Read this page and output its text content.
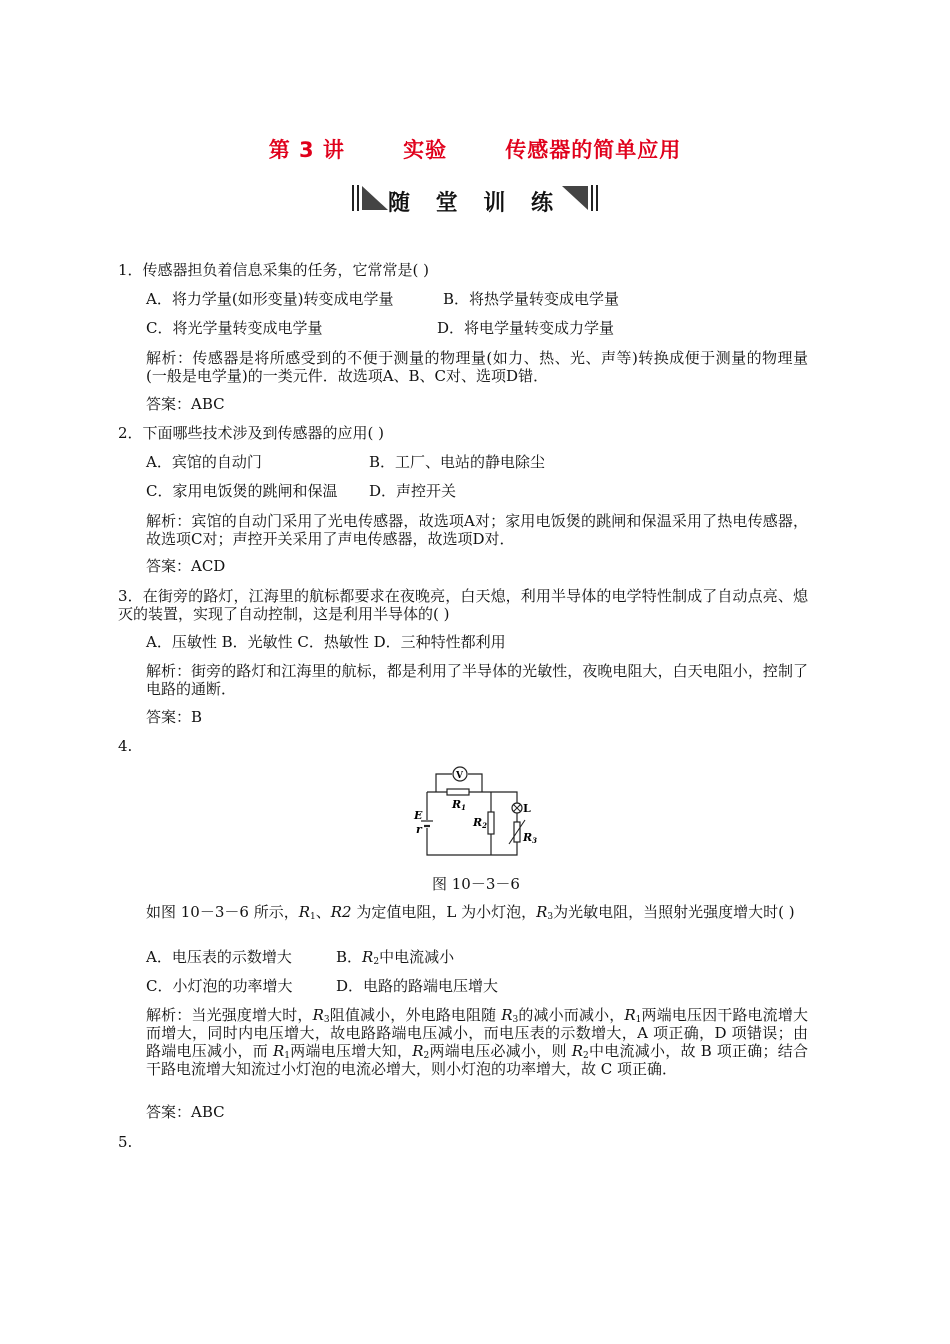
第 3 讲       实验       传感器的简单应用
随 堂 训 练
1．传感器担负着信息采集的任务，它常常是( )
A．将力学量(如形变量)转变成电学量	B．将热学量转变成电学量
C．将光学量转变成电学量	D．将电学量转变成力学量
解析：传感器是将所感受到的不便于测量的物理量(如力、热、光、声等)转换成便于测量的物理量(一般是电学量)的一类元件．故选项A、B、C对、选项D错．
答案：ABC
2．下面哪些技术涉及到传感器的应用( )
A．宾馆的自动门	B．工厂、电站的静电除尘
C．家用电饭煲的跳闸和保温 D．声控开关
解析：宾馆的自动门采用了光电传感器，故选项A对；家用电饭煲的跳闸和保温采用了热电传感器，故选项C对；声控开关采用了声电传感器，故选项D对．
答案：ACD
3．在街旁的路灯，江海里的航标都要求在夜晚亮，白天熄，利用半导体的电学特性制成了自动点亮、熄灭的装置，实现了自动控制，这是利用半导体的( )
A．压敏性 B．光敏性 C．热敏性 D．三种特性都利用
解析：街旁的路灯和江海里的航标，都是利用了半导体的光敏性，夜晚电阻大，白天电阻小，控制了电路的通断．
答案：B
4.
V
R1
R2
L
R3
E
r
图 10－3－6
如图 10－3－6 所示，$R_1$、R2 为定值电阻，L 为小灯泡，$R_3$为光敏电阻，当照射光强度增大时( )
A．电压表的示数增大	B．$R_2$中电流减小
C．小灯泡的功率增大	D．电路的路端电压增大
解析：当光强度增大时，$R_3$阻值减小，外电路电阻随 $R_3$的减小而减小，$R_1$两端电压因干路电流增大而增大，同时内电压增大，故电路路端电压减小，而电压表的示数增大，A 项正确，D 项错误；由路端电压减小，而 $R_1$两端电压增大知，$R_2$两端电压必减小，则 $R_2$中电流减小，故 B 项正确；结合干路电流增大知流过小灯泡的电流必增大，则小灯泡的功率增大，故 C 项正确．
答案：ABC
5.
